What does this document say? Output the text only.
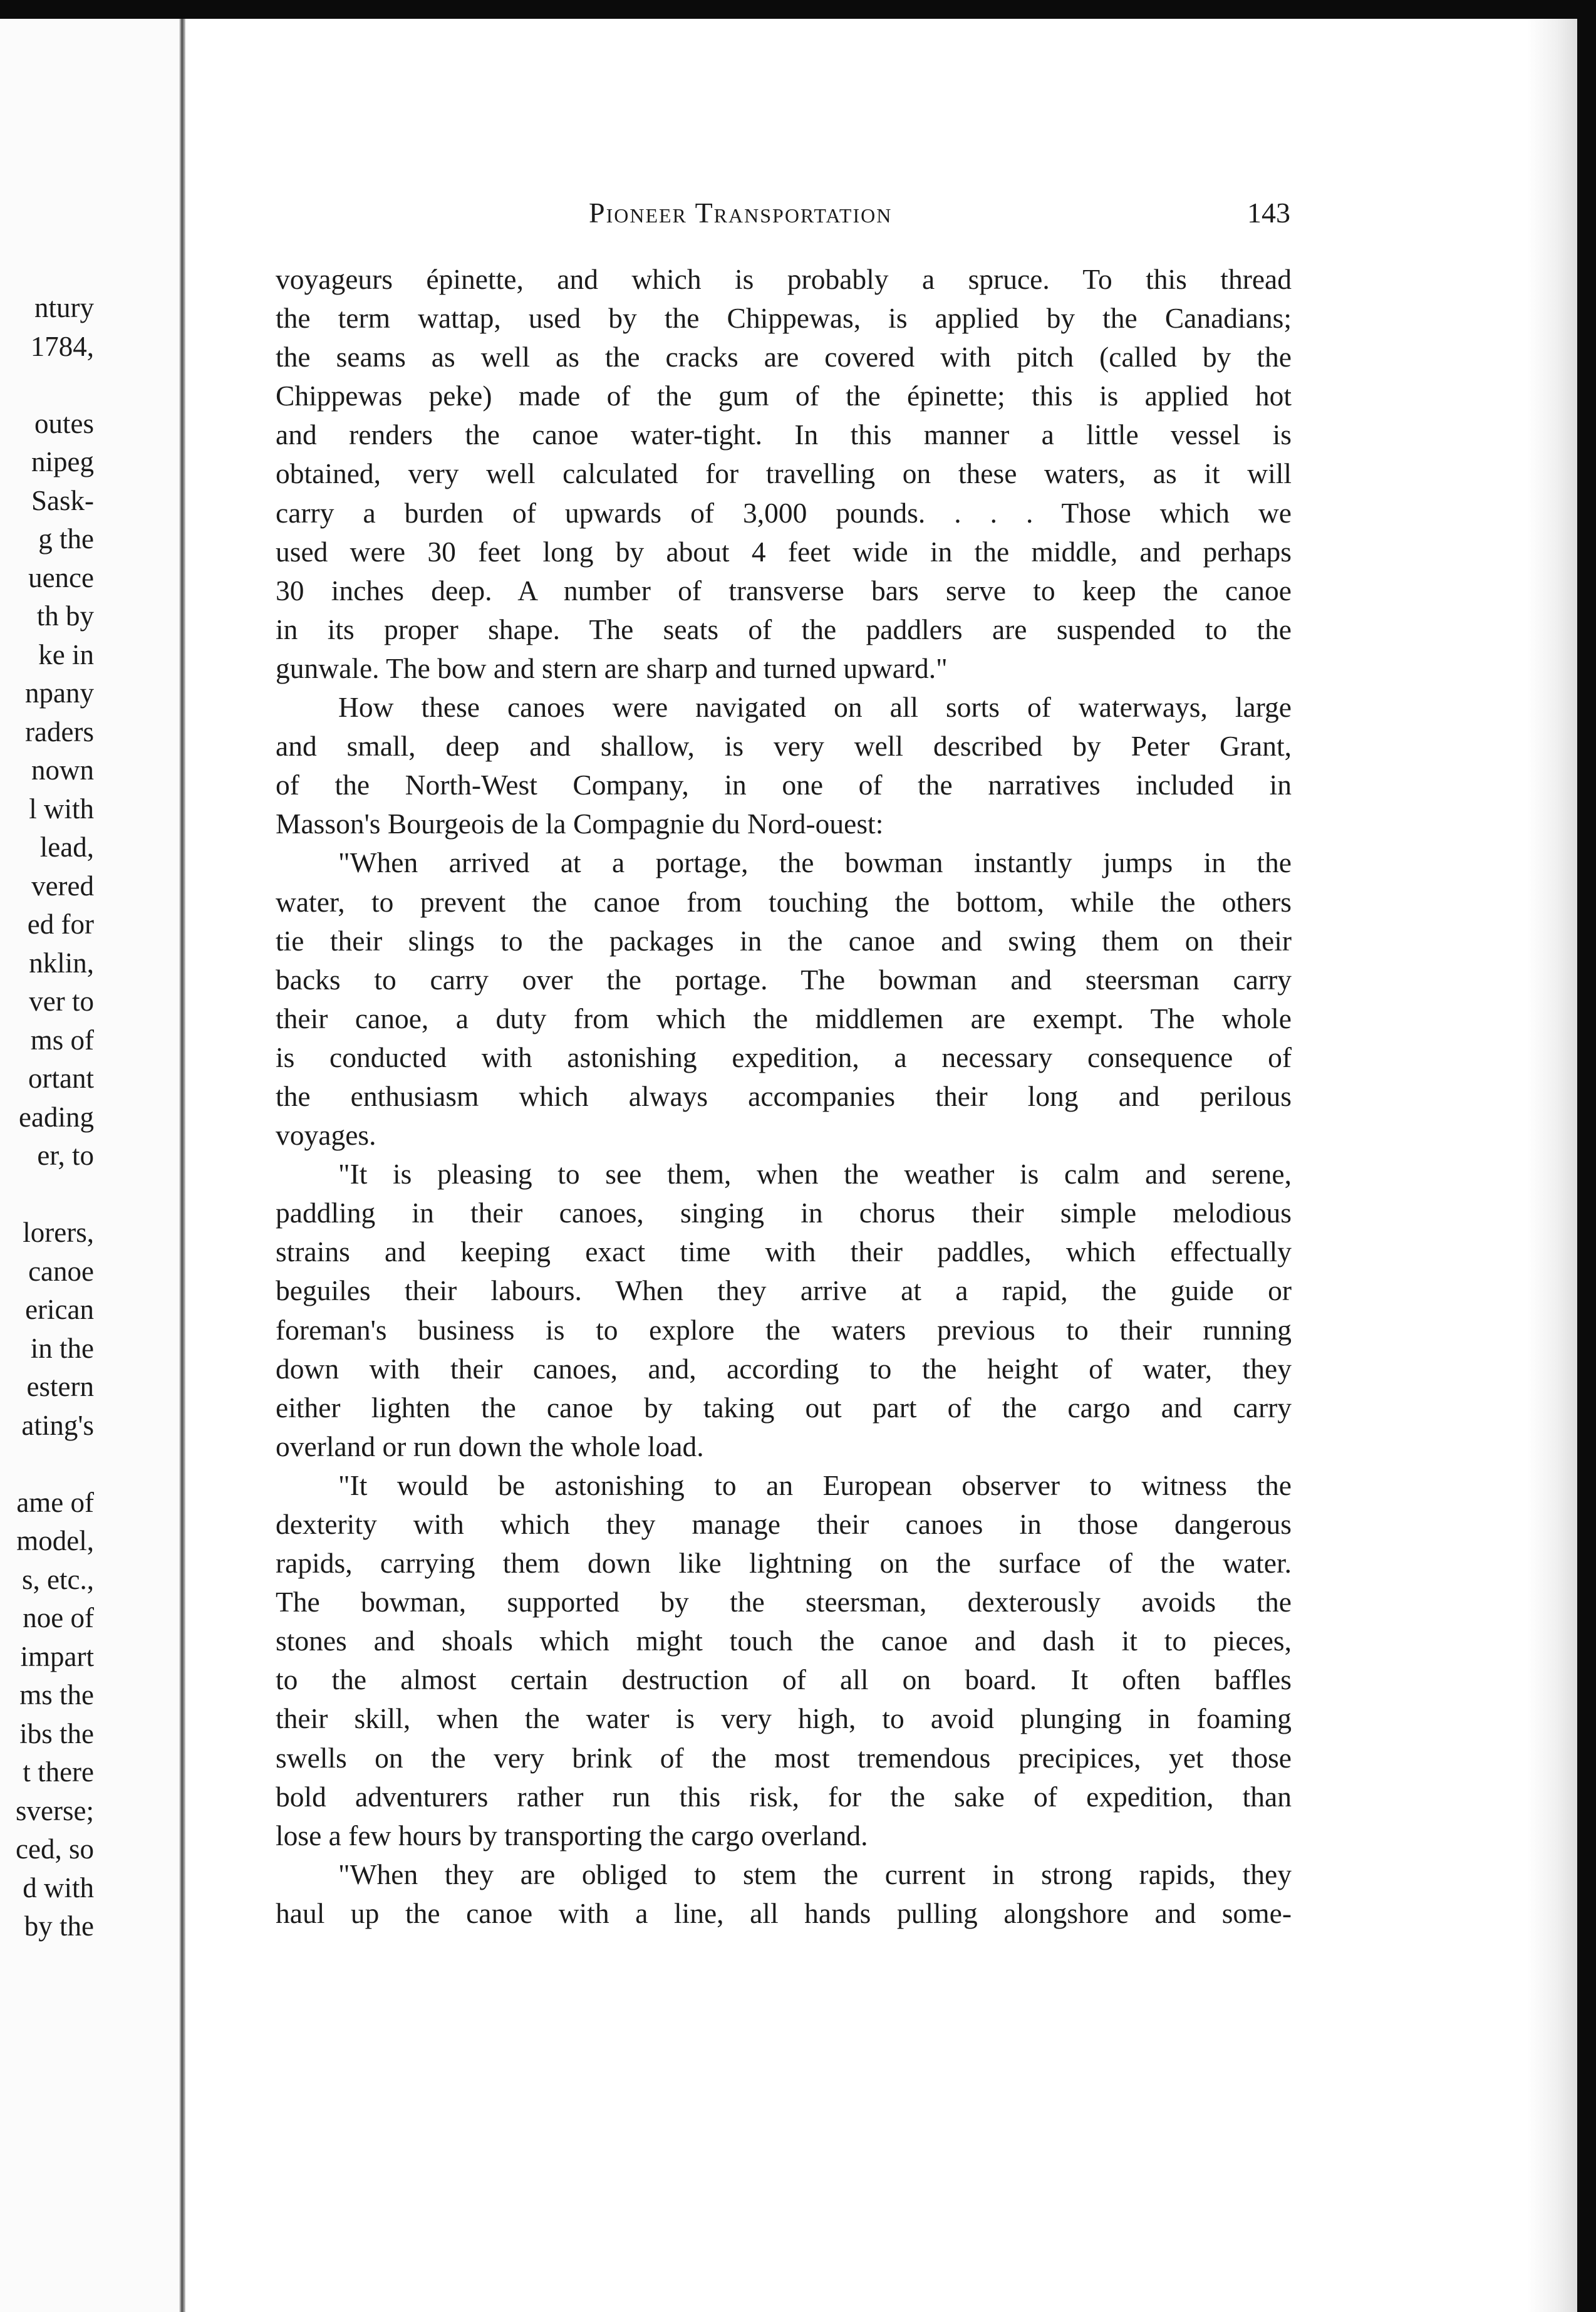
ntury
1784,
outes
nipeg
Sask-
g the
uence
th by
ke in
npany
raders
nown
l with
lead,
vered
ed for
nklin,
ver to
ms of
ortant
eading
er, to
lorers,
canoe
erican
in the
estern
ating's
ame of
model,
s, etc.,
noe of
impart
ms the
ibs the
t there
sverse;
ced, so
d with
by the
Pioneer Transportation	143
voyageurs épinette, and which is probably a spruce. To this thread
the term wattap, used by the Chippewas, is applied by the Canadians;
the seams as well as the cracks are covered with pitch (called by the
Chippewas peke) made of the gum of the épinette; this is applied hot
and renders the canoe water-tight. In this manner a little vessel is
obtained, very well calculated for travelling on these waters, as it will
carry a burden of upwards of 3,000 pounds. . . . Those which we
used were 30 feet long by about 4 feet wide in the middle, and perhaps
30 inches deep. A number of transverse bars serve to keep the canoe
in its proper shape. The seats of the paddlers are suspended to the
gunwale. The bow and stern are sharp and turned upward."
How these canoes were navigated on all sorts of waterways, large
and small, deep and shallow, is very well described by Peter Grant,
of the North-West Company, in one of the narratives included in
Masson's Bourgeois de la Compagnie du Nord-ouest:
"When arrived at a portage, the bowman instantly jumps in the
water, to prevent the canoe from touching the bottom, while the others
tie their slings to the packages in the canoe and swing them on their
backs to carry over the portage. The bowman and steersman carry
their canoe, a duty from which the middlemen are exempt. The whole
is conducted with astonishing expedition, a necessary consequence of
the enthusiasm which always accompanies their long and perilous
voyages.
"It is pleasing to see them, when the weather is calm and serene,
paddling in their canoes, singing in chorus their simple melodious
strains and keeping exact time with their paddles, which effectually
beguiles their labours. When they arrive at a rapid, the guide or
foreman's business is to explore the waters previous to their running
down with their canoes, and, according to the height of water, they
either lighten the canoe by taking out part of the cargo and carry
overland or run down the whole load.
"It would be astonishing to an European observer to witness the
dexterity with which they manage their canoes in those dangerous
rapids, carrying them down like lightning on the surface of the water.
The bowman, supported by the steersman, dexterously avoids the
stones and shoals which might touch the canoe and dash it to pieces,
to the almost certain destruction of all on board. It often baffles
their skill, when the water is very high, to avoid plunging in foaming
swells on the very brink of the most tremendous precipices, yet those
bold adventurers rather run this risk, for the sake of expedition, than
lose a few hours by transporting the cargo overland.
"When they are obliged to stem the current in strong rapids, they
haul up the canoe with a line, all hands pulling alongshore and some-
